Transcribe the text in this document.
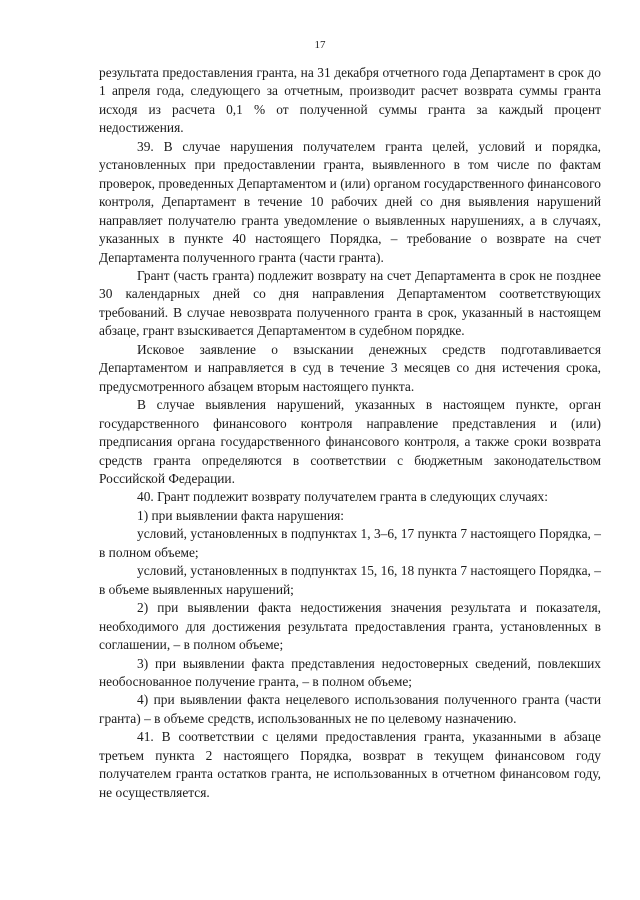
17

результата предоставления гранта, на 31 декабря отчетного года Департамент в срок до 1 апреля года, следующего за отчетным, производит расчет возврата суммы гранта исходя из расчета 0,1 % от полученной суммы гранта за каждый процент недостижения.

39. В случае нарушения получателем гранта целей, условий и порядка, установленных при предоставлении гранта, выявленного в том числе по фактам проверок, проведенных Департаментом и (или) органом государственного финансового контроля, Департамент в течение 10 рабочих дней со дня выявления нарушений направляет получателю гранта уведомление о выявленных нарушениях, а в случаях, указанных в пункте 40 настоящего Порядка, – требование о возврате на счет Департамента полученного гранта (части гранта).

Грант (часть гранта) подлежит возврату на счет Департамента в срок не позднее 30 календарных дней со дня направления Департаментом соответствующих требований. В случае невозврата полученного гранта в срок, указанный в настоящем абзаце, грант взыскивается Департаментом в судебном порядке.

Исковое заявление о взыскании денежных средств подготавливается Департаментом и направляется в суд в течение 3 месяцев со дня истечения срока, предусмотренного абзацем вторым настоящего пункта.

В случае выявления нарушений, указанных в настоящем пункте, орган государственного финансового контроля направление представления и (или) предписания органа государственного финансового контроля, а также сроки возврата средств гранта определяются в соответствии с бюджетным законодательством Российской Федерации.

40. Грант подлежит возврату получателем гранта в следующих случаях:

1) при выявлении факта нарушения:

условий, установленных в подпунктах 1, 3–6, 17 пункта 7 настоящего Порядка, – в полном объеме;

условий, установленных в подпунктах 15, 16, 18 пункта 7 настоящего Порядка, – в объеме выявленных нарушений;

2) при выявлении факта недостижения значения результата и показателя, необходимого для достижения результата предоставления гранта, установленных в соглашении, – в полном объеме;

3) при выявлении факта представления недостоверных сведений, повлекших необоснованное получение гранта, – в полном объеме;

4) при выявлении факта нецелевого использования полученного гранта (части гранта) – в объеме средств, использованных не по целевому назначению.

41. В соответствии с целями предоставления гранта, указанными в абзаце третьем пункта 2 настоящего Порядка, возврат в текущем финансовом году получателем гранта остатков гранта, не использованных в отчетном финансовом году, не осуществляется.
